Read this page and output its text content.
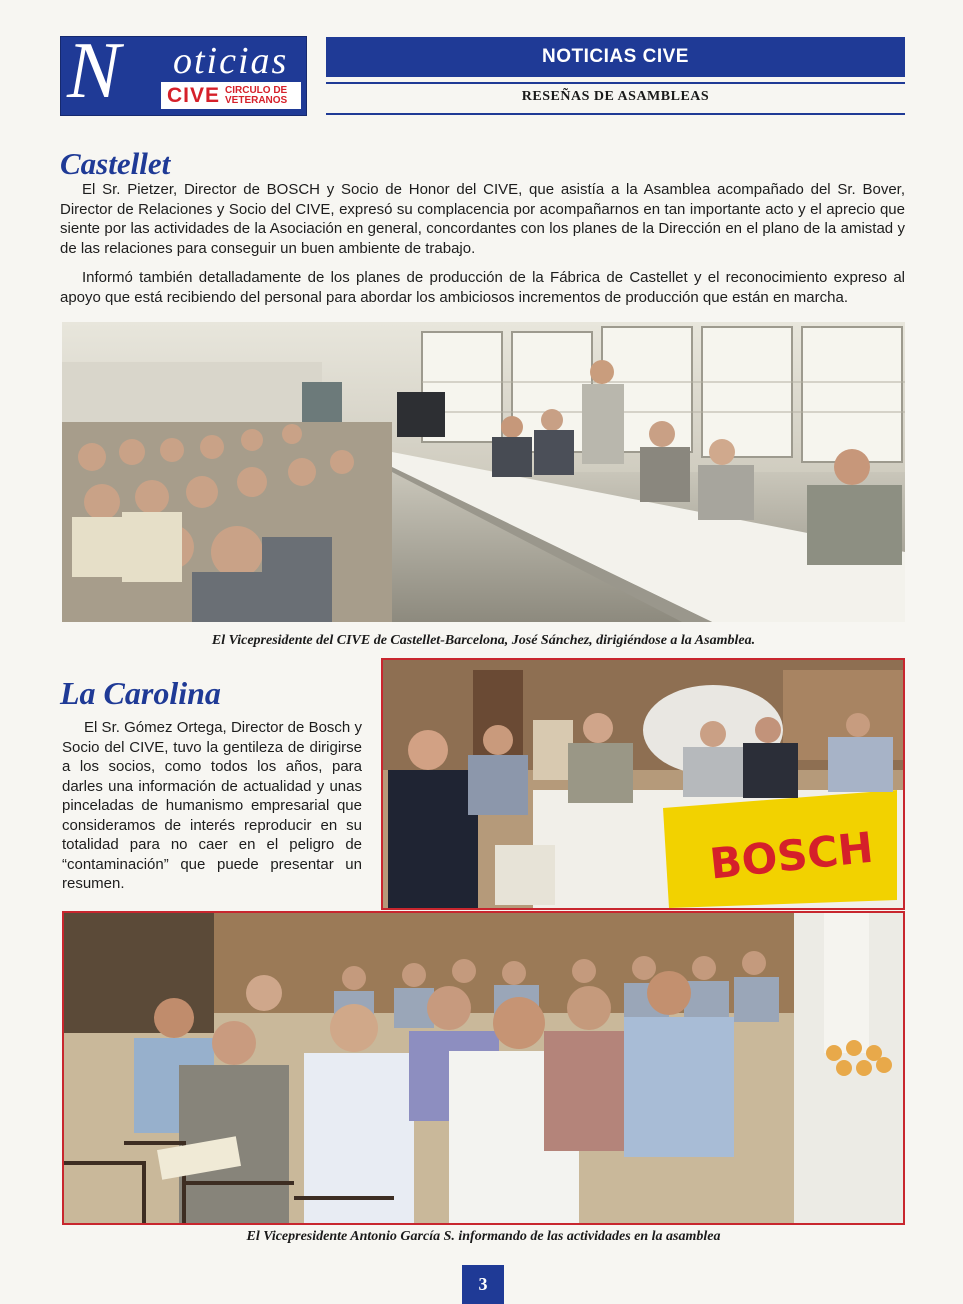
N oticias
CIVE CIRCULO DE
VETERANOS
NOTICIAS CIVE
RESEÑAS DE ASAMBLEAS
Castellet

El Sr. Pietzer, Director de BOSCH y Socio de Honor del CIVE, que asistía a la Asamblea acompañado del Sr. Bover, Director de Relaciones y Socio del CIVE, expresó su complacencia por acompañarnos en tan importante acto y el aprecio que siente por las actividades de la Asociación en general, concordantes con los planes de la Dirección en el plano de la amistad y de las relaciones para conseguir un buen ambiente de trabajo.

Informó también detalladamente de los planes de producción de la Fábrica de Castellet y el reconocimiento expreso al apoyo que está recibiendo del personal para abordar los ambiciosos incrementos de producción que están en marcha.

El Vicepresidente del CIVE de Castellet-Barcelona, José Sánchez, dirigiéndose a la Asamblea.
La Carolina

El Sr. Gómez Ortega, Director de Bosch y Socio del CIVE, tuvo la gentileza de dirigirse a los socios, como todos los años, para darles una información de actualidad y unas pinceladas de humanismo empresarial que consideramos de interés reproducir en su totalidad para no caer en el peligro de “contaminación” que puede presentar un resumen.	BOSCH
El Vicepresidente Antonio García S. informando de las actividades en la asamblea
3
